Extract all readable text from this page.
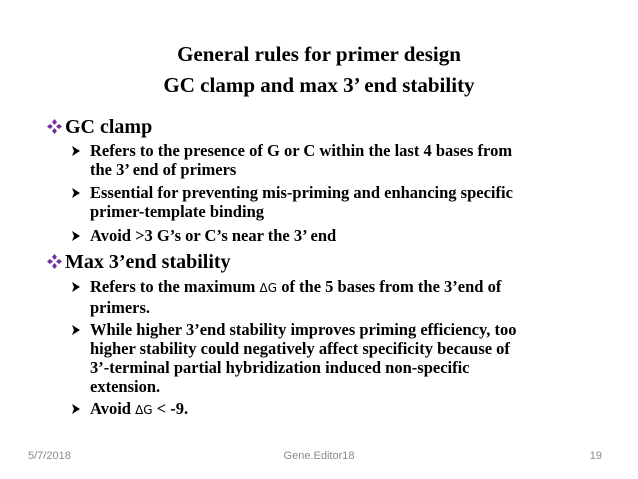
General rules for primer design
GC clamp and max 3’ end stability
GC clamp
Refers to the presence of G or C within the last 4 bases from
the 3’ end of primers
Essential for preventing mis-priming and enhancing specific
primer-template binding
Avoid >3 G’s or C’s near the 3’ end
Max 3’end stability
Refers to the maximum ΔG of the 5 bases from the 3’end of
primers.
While higher 3’end stability improves priming efficiency, too
higher stability could negatively affect specificity because of
3’-terminal partial hybridization induced non-specific
extension.
Avoid ΔG < -9.
5/7/2018	Gene.Editor18	19
